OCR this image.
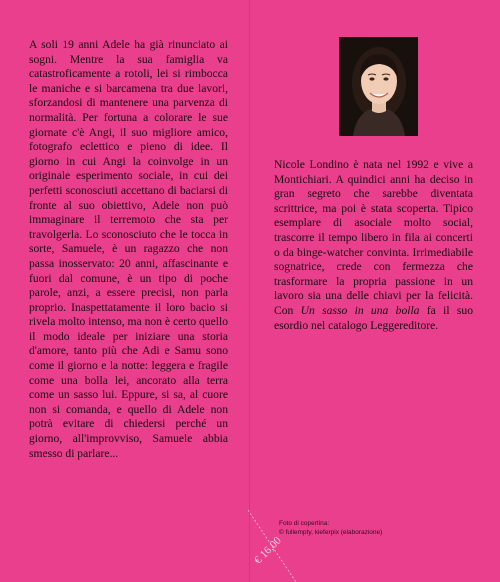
A soli 19 anni Adele ha già rinunciato ai sogni. Mentre la sua famiglia va catastroficamente a rotoli, lei si rimbocca le maniche e si barcamena tra due lavori, sforzandosi di mantenere una parvenza di normalità. Per fortuna a colorare le sue giornate c'è Angi, il suo migliore amico, fotografo eclettico e pieno di idee. Il giorno in cui Angi la coinvolge in un originale esperimento sociale, in cui dei perfetti sconosciuti accettano di baciarsi di fronte al suo obiettivo, Adele non può immaginare il terremoto che sta per travolgerla. Lo sconosciuto che le tocca in sorte, Samuele, è un ragazzo che non passa inosservato: 20 anni, affascinante e fuori dal comune, è un tipo di poche parole, anzi, a essere precisi, non parla proprio. Inaspettatamente il loro bacio si rivela molto intenso, ma non è certo quello il modo ideale per iniziare una storia d'amore, tanto più che Adi e Samu sono come il giorno e la notte: leggera e fragile come una bolla lei, ancorato alla terra come un sasso lui. Eppure, si sa, al cuore non si comanda, e quello di Adele non potrà evitare di chiedersi perché un giorno, all'improvviso, Samuele abbia smesso di parlare...

Nicole Londino è nata nel 1992 e vive a Montichiari. A quindici anni ha deciso in gran segreto che sarebbe diventata scrittrice, ma poi è stata scoperta. Tipico esemplare di asociale molto social, trascorre il tempo libero in fila ai concerti o da binge-watcher convinta. Irrimediabile sognatrice, crede con fermezza che trasformare la propria passione in un lavoro sia una delle chiavi per la felicità. Con Un sasso in una bolla fa il suo esordio nel catalogo Leggereditore.

Foto di copertina:
© fullempty, kieferpix (elaborazione)
€ 16,00
